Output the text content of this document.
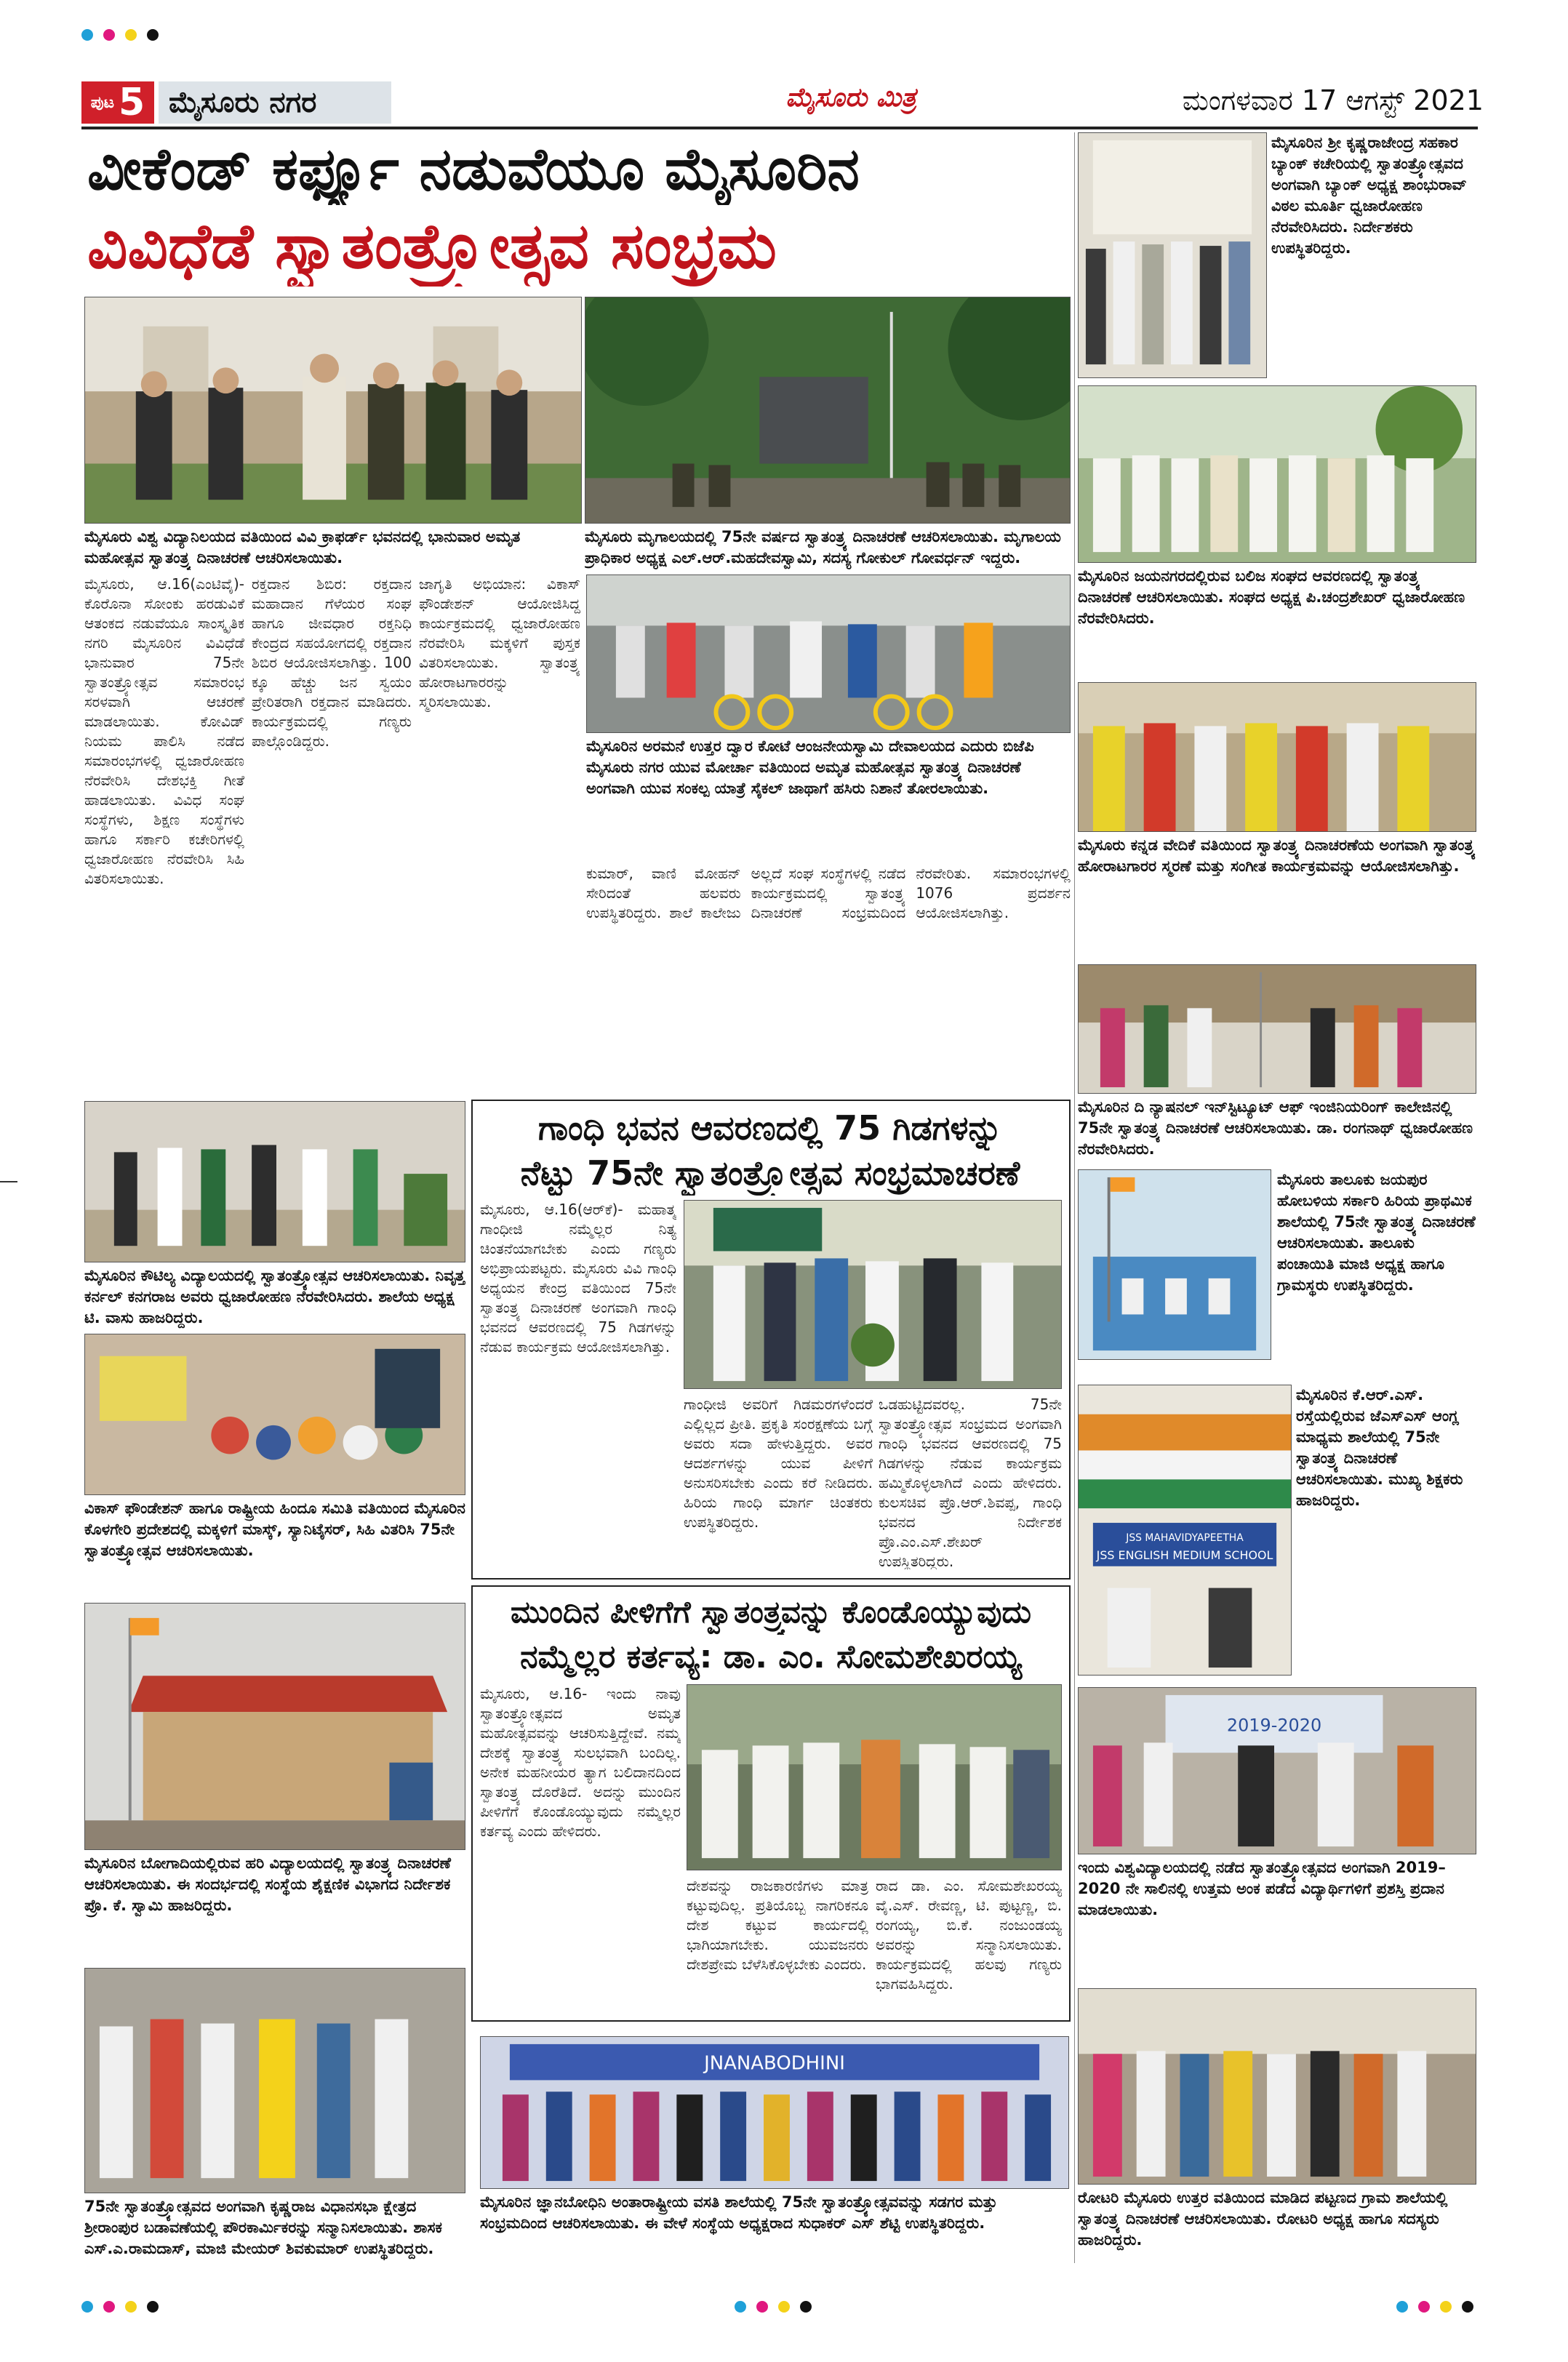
ಪುಟ 5 ಮೈಸೂರು ನಗರ	ಮೈಸೂರು ಮಿತ್ರ	ಮಂಗಳವಾರ 17 ಆಗಸ್ಟ್ 2021
ವೀಕೆಂಡ್ ಕರ್ಫ್ಯೂ ನಡುವೆಯೂ ಮೈಸೂರಿನ
ವಿವಿಧೆಡೆ ಸ್ವಾತಂತ್ರ್ಯೋತ್ಸವ ಸಂಭ್ರಮ
ಮೈಸೂರು ವಿಶ್ವ ವಿದ್ಯಾನಿಲಯದ ವತಿಯಿಂದ ವಿವಿ ಕ್ರಾಫರ್ಡ್ ಭವನದಲ್ಲಿ ಭಾನುವಾರ ಅಮೃತ ಮಹೋತ್ಸವ ಸ್ವಾತಂತ್ರ್ಯ ದಿನಾಚರಣೆ ಆಚರಿಸಲಾಯಿತು.
ಮೈಸೂರು ಮೃಗಾಲಯದಲ್ಲಿ 75ನೇ ವರ್ಷದ ಸ್ವಾತಂತ್ರ್ಯ ದಿನಾಚರಣೆ ಆಚರಿಸಲಾಯಿತು. ಮೃಗಾಲಯ ಪ್ರಾಧಿಕಾರ ಅಧ್ಯಕ್ಷ ಎಲ್.ಆರ್.ಮಹದೇವಸ್ವಾಮಿ, ಸದಸ್ಯ ಗೋಕುಲ್ ಗೋವರ್ಧನ್ ಇದ್ದರು.
ಮೈಸೂರು, ಆ.16(ಎಂಟಿವೈ)- ಕೊರೊನಾ ಸೋಂಕು ಹರಡುವಿಕೆ ಆತಂಕದ ನಡುವೆಯೂ ಸಾಂಸ್ಕೃತಿಕ ನಗರಿ ಮೈಸೂರಿನ ವಿವಿಧೆಡೆ ಭಾನುವಾರ 75ನೇ ಸ್ವಾತಂತ್ರ್ಯೋತ್ಸವ ಸಮಾರಂಭ ಸರಳವಾಗಿ ಆಚರಣೆ ಮಾಡಲಾಯಿತು. ಕೋವಿಡ್ ನಿಯಮ ಪಾಲಿಸಿ ನಡೆದ ಸಮಾರಂಭಗಳಲ್ಲಿ ಧ್ವಜಾರೋಹಣ ನೆರವೇರಿಸಿ ದೇಶಭಕ್ತಿ ಗೀತೆ ಹಾಡಲಾಯಿತು. ವಿವಿಧ ಸಂಘ ಸಂಸ್ಥೆಗಳು, ಶಿಕ್ಷಣ ಸಂಸ್ಥೆಗಳು ಹಾಗೂ ಸರ್ಕಾರಿ ಕಚೇರಿಗಳಲ್ಲಿ ಧ್ವಜಾರೋಹಣ ನೆರವೇರಿಸಿ ಸಿಹಿ ವಿತರಿಸಲಾಯಿತು.
ರಕ್ತದಾನ ಶಿಬಿರ: ರಕ್ತದಾನ ಮಹಾದಾನ ಗೆಳೆಯರ ಸಂಘ ಹಾಗೂ ಜೀವಧಾರ ರಕ್ತನಿಧಿ ಕೇಂದ್ರದ ಸಹಯೋಗದಲ್ಲಿ ರಕ್ತದಾನ ಶಿಬಿರ ಆಯೋಜಿಸಲಾಗಿತ್ತು. 100 ಕ್ಕೂ ಹೆಚ್ಚು ಜನ ಸ್ವಯಂ ಪ್ರೇರಿತರಾಗಿ ರಕ್ತದಾನ ಮಾಡಿದರು. ಕಾರ್ಯಕ್ರಮದಲ್ಲಿ ಗಣ್ಯರು ಪಾಲ್ಗೊಂಡಿದ್ದರು.
ಜಾಗೃತಿ ಅಭಿಯಾನ: ವಿಕಾಸ್ ಫೌಂಡೇಶನ್ ಆಯೋಜಿಸಿದ್ದ ಕಾರ್ಯಕ್ರಮದಲ್ಲಿ ಧ್ವಜಾರೋಹಣ ನೆರವೇರಿಸಿ ಮಕ್ಕಳಿಗೆ ಪುಸ್ತಕ ವಿತರಿಸಲಾಯಿತು. ಸ್ವಾತಂತ್ರ್ಯ ಹೋರಾಟಗಾರರನ್ನು ಸ್ಮರಿಸಲಾಯಿತು.
ಮೈಸೂರಿನ ಅರಮನೆ ಉತ್ತರ ದ್ವಾರ ಕೋಟೆ ಆಂಜನೇಯಸ್ವಾಮಿ ದೇವಾಲಯದ ಎದುರು ಬಿಜೆಪಿ ಮೈಸೂರು ನಗರ ಯುವ ಮೋರ್ಚಾ ವತಿಯಿಂದ ಅಮೃತ ಮಹೋತ್ಸವ ಸ್ವಾತಂತ್ರ್ಯ ದಿನಾಚರಣೆ ಅಂಗವಾಗಿ ಯುವ ಸಂಕಲ್ಪ ಯಾತ್ರೆ ಸೈಕಲ್ ಜಾಥಾಗೆ ಹಸಿರು ನಿಶಾನೆ ತೋರಲಾಯಿತು.
ಕುಮಾರ್, ವಾಣಿ ಮೋಹನ್ ಸೇರಿದಂತೆ ಹಲವರು ಉಪಸ್ಥಿತರಿದ್ದರು. ಶಾಲೆ ಕಾಲೇಜು ಅಲ್ಲದೆ ಸಂಘ ಸಂಸ್ಥೆಗಳಲ್ಲಿ ನಡೆದ ಕಾರ್ಯಕ್ರಮದಲ್ಲಿ ಸ್ವಾತಂತ್ರ್ಯ ದಿನಾಚರಣೆ ಸಂಭ್ರಮದಿಂದ ನೆರವೇರಿತು. ಸಮಾರಂಭಗಳಲ್ಲಿ 1076 ಪ್ರದರ್ಶನ ಆಯೋಜಿಸಲಾಗಿತ್ತು.
ಮೈಸೂರಿನ ಕೌಟಿಲ್ಯ ವಿದ್ಯಾಲಯದಲ್ಲಿ ಸ್ವಾತಂತ್ರ್ಯೋತ್ಸವ ಆಚರಿಸಲಾಯಿತು. ನಿವೃತ್ತ ಕರ್ನಲ್ ಕನಗರಾಜ ಅವರು ಧ್ವಜಾರೋಹಣ ನೆರವೇರಿಸಿದರು. ಶಾಲೆಯ ಅಧ್ಯಕ್ಷ ಟಿ. ವಾಸು ಹಾಜರಿದ್ದರು.
ವಿಕಾಸ್ ಫೌಂಡೇಶನ್ ಹಾಗೂ ರಾಷ್ಟ್ರೀಯ ಹಿಂದೂ ಸಮಿತಿ ವತಿಯಿಂದ ಮೈಸೂರಿನ ಕೊಳಗೇರಿ ಪ್ರದೇಶದಲ್ಲಿ ಮಕ್ಕಳಿಗೆ ಮಾಸ್ಕ್, ಸ್ಯಾನಿಟೈಸರ್, ಸಿಹಿ ವಿತರಿಸಿ 75ನೇ ಸ್ವಾತಂತ್ರ್ಯೋತ್ಸವ ಆಚರಿಸಲಾಯಿತು.
ಮೈಸೂರಿನ ಬೋಗಾದಿಯಲ್ಲಿರುವ ಹರಿ ವಿದ್ಯಾಲಯದಲ್ಲಿ ಸ್ವಾತಂತ್ರ್ಯ ದಿನಾಚರಣೆ ಆಚರಿಸಲಾಯಿತು. ಈ ಸಂದರ್ಭದಲ್ಲಿ ಸಂಸ್ಥೆಯ ಶೈಕ್ಷಣಿಕ ವಿಭಾಗದ ನಿರ್ದೇಶಕ ಪ್ರೊ. ಕೆ. ಸ್ವಾಮಿ ಹಾಜರಿದ್ದರು.
75ನೇ ಸ್ವಾತಂತ್ರ್ಯೋತ್ಸವದ ಅಂಗವಾಗಿ ಕೃಷ್ಣರಾಜ ವಿಧಾನಸಭಾ ಕ್ಷೇತ್ರದ ಶ್ರೀರಾಂಪುರ ಬಡಾವಣೆಯಲ್ಲಿ ಪೌರಕಾರ್ಮಿಕರನ್ನು ಸನ್ಮಾನಿಸಲಾಯಿತು. ಶಾಸಕ ಎಸ್.ಎ.ರಾಮದಾಸ್, ಮಾಜಿ ಮೇಯರ್ ಶಿವಕುಮಾರ್ ಉಪಸ್ಥಿತರಿದ್ದರು.
ಗಾಂಧಿ ಭವನ ಆವರಣದಲ್ಲಿ 75 ಗಿಡಗಳನ್ನು
ನೆಟ್ಟು 75ನೇ ಸ್ವಾತಂತ್ರ್ಯೋತ್ಸವ ಸಂಭ್ರಮಾಚರಣೆ
ಮೈಸೂರು, ಆ.16(ಆರ್‌ಕೆ)- ಮಹಾತ್ಮ ಗಾಂಧೀಜಿ ನಮ್ಮೆಲ್ಲರ ನಿತ್ಯ ಚಿಂತನೆಯಾಗಬೇಕು ಎಂದು ಗಣ್ಯರು ಅಭಿಪ್ರಾಯಪಟ್ಟರು. ಮೈಸೂರು ವಿವಿ ಗಾಂಧಿ ಅಧ್ಯಯನ ಕೇಂದ್ರ ವತಿಯಿಂದ 75ನೇ ಸ್ವಾತಂತ್ರ್ಯ ದಿನಾಚರಣೆ ಅಂಗವಾಗಿ ಗಾಂಧಿ ಭವನದ ಆವರಣದಲ್ಲಿ 75 ಗಿಡಗಳನ್ನು ನೆಡುವ ಕಾರ್ಯಕ್ರಮ ಆಯೋಜಿಸಲಾಗಿತ್ತು.
ಒಡಹುಟ್ಟಿದವರಲ್ಲ. 75ನೇ ಸ್ವಾತಂತ್ರ್ಯೋತ್ಸವ ಸಂಭ್ರಮದ ಅಂಗವಾಗಿ ಗಾಂಧಿ ಭವನದ ಆವರಣದಲ್ಲಿ 75 ಗಿಡಗಳನ್ನು ನೆಡುವ ಕಾರ್ಯಕ್ರಮ ಹಮ್ಮಿಕೊಳ್ಳಲಾಗಿದೆ ಎಂದು ಹೇಳಿದರು. ಕುಲಸಚಿವ ಪ್ರೊ.ಆರ್.ಶಿವಪ್ಪ, ಗಾಂಧಿ ಭವನದ ನಿರ್ದೇಶಕ ಪ್ರೊ.ಎಂ.ಎಸ್.ಶೇಖರ್ ಉಪಸ್ಥಿತರಿದ್ದರು.
ಗಾಂಧೀಜಿ ಅವರಿಗೆ ಗಿಡಮರಗಳೆಂದರೆ ಎಲ್ಲಿಲ್ಲದ ಪ್ರೀತಿ. ಪ್ರಕೃತಿ ಸಂರಕ್ಷಣೆಯ ಬಗ್ಗೆ ಅವರು ಸದಾ ಹೇಳುತ್ತಿದ್ದರು. ಅವರ ಆದರ್ಶಗಳನ್ನು ಯುವ ಪೀಳಿಗೆ ಅನುಸರಿಸಬೇಕು ಎಂದು ಕರೆ ನೀಡಿದರು. ಹಿರಿಯ ಗಾಂಧಿ ಮಾರ್ಗ ಚಿಂತಕರು ಉಪಸ್ಥಿತರಿದ್ದರು.
ಮುಂದಿನ ಪೀಳಿಗೆಗೆ ಸ್ವಾತಂತ್ರ್ಯವನ್ನು ಕೊಂಡೊಯ್ಯುವುದು
ನಮ್ಮೆಲ್ಲರ ಕರ್ತವ್ಯ: ಡಾ. ಎಂ. ಸೋಮಶೇಖರಯ್ಯ
ಮೈಸೂರು, ಆ.16- ಇಂದು ನಾವು ಸ್ವಾತಂತ್ರ್ಯೋತ್ಸವದ ಅಮೃತ ಮಹೋತ್ಸವವನ್ನು ಆಚರಿಸುತ್ತಿದ್ದೇವೆ. ನಮ್ಮ ದೇಶಕ್ಕೆ ಸ್ವಾತಂತ್ರ್ಯ ಸುಲಭವಾಗಿ ಬಂದಿಲ್ಲ. ಅನೇಕ ಮಹನೀಯರ ತ್ಯಾಗ ಬಲಿದಾನದಿಂದ ಸ್ವಾತಂತ್ರ್ಯ ದೊರೆತಿದೆ. ಅದನ್ನು ಮುಂದಿನ ಪೀಳಿಗೆಗೆ ಕೊಂಡೊಯ್ಯುವುದು ನಮ್ಮೆಲ್ಲರ ಕರ್ತವ್ಯ ಎಂದು ಹೇಳಿದರು.
ದೇಶವನ್ನು ರಾಜಕಾರಣಿಗಳು ಮಾತ್ರ ಕಟ್ಟುವುದಿಲ್ಲ. ಪ್ರತಿಯೊಬ್ಬ ನಾಗರಿಕನೂ ದೇಶ ಕಟ್ಟುವ ಕಾರ್ಯದಲ್ಲಿ ಭಾಗಿಯಾಗಬೇಕು. ಯುವಜನರು ದೇಶಪ್ರೇಮ ಬೆಳೆಸಿಕೊಳ್ಳಬೇಕು ಎಂದರು.
ರಾದ ಡಾ. ಎಂ. ಸೋಮಶೇಖರಯ್ಯ ವೈ.ಎಸ್. ರೇವಣ್ಣ, ಟಿ. ಪುಟ್ಟಣ್ಣ, ಬಿ. ರಂಗಯ್ಯ, ಬಿ.ಕೆ. ನಂಜುಂಡಯ್ಯ ಅವರನ್ನು ಸನ್ಮಾನಿಸಲಾಯಿತು. ಕಾರ್ಯಕ್ರಮದಲ್ಲಿ ಹಲವು ಗಣ್ಯರು ಭಾಗವಹಿಸಿದ್ದರು.
JNANABODHINI
ಮೈಸೂರಿನ ಜ್ಞಾನಬೋಧಿನಿ ಅಂತಾರಾಷ್ಟ್ರೀಯ ವಸತಿ ಶಾಲೆಯಲ್ಲಿ 75ನೇ ಸ್ವಾತಂತ್ರ್ಯೋತ್ಸವವನ್ನು ಸಡಗರ ಮತ್ತು ಸಂಭ್ರಮದಿಂದ ಆಚರಿಸಲಾಯಿತು. ಈ ವೇಳೆ ಸಂಸ್ಥೆಯ ಅಧ್ಯಕ್ಷರಾದ ಸುಧಾಕರ್ ಎಸ್ ಶೆಟ್ಟಿ ಉಪಸ್ಥಿತರಿದ್ದರು.
ಮೈಸೂರಿನ ಶ್ರೀ ಕೃಷ್ಣರಾಜೇಂದ್ರ ಸಹಕಾರ ಬ್ಯಾಂಕ್ ಕಚೇರಿಯಲ್ಲಿ ಸ್ವಾತಂತ್ರ್ಯೋತ್ಸವದ ಅಂಗವಾಗಿ ಬ್ಯಾಂಕ್ ಅಧ್ಯಕ್ಷ ಶಾಂಭುರಾವ್ ವಿಠಲ ಮೂರ್ತಿ ಧ್ವಜಾರೋಹಣ ನೆರವೇರಿಸಿದರು. ನಿರ್ದೇಶಕರು ಉಪಸ್ಥಿತರಿದ್ದರು.
ಮೈಸೂರಿನ ಜಯನಗರದಲ್ಲಿರುವ ಬಲಿಜ ಸಂಘದ ಆವರಣದಲ್ಲಿ ಸ್ವಾತಂತ್ರ್ಯ ದಿನಾಚರಣೆ ಆಚರಿಸಲಾಯಿತು. ಸಂಘದ ಅಧ್ಯಕ್ಷ ಪಿ.ಚಂದ್ರಶೇಖರ್ ಧ್ವಜಾರೋಹಣ ನೆರವೇರಿಸಿದರು.
ಮೈಸೂರು ಕನ್ನಡ ವೇದಿಕೆ ವತಿಯಿಂದ ಸ್ವಾತಂತ್ರ್ಯ ದಿನಾಚರಣೆಯ ಅಂಗವಾಗಿ ಸ್ವಾತಂತ್ರ್ಯ ಹೋರಾಟಗಾರರ ಸ್ಮರಣೆ ಮತ್ತು ಸಂಗೀತ ಕಾರ್ಯಕ್ರಮವನ್ನು ಆಯೋಜಿಸಲಾಗಿತ್ತು.
ಮೈಸೂರಿನ ದಿ ನ್ಯಾಷನಲ್ ಇನ್‌ಸ್ಟಿಟ್ಯೂಟ್ ಆಫ್ ಇಂಜಿನಿಯರಿಂಗ್ ಕಾಲೇಜಿನಲ್ಲಿ 75ನೇ ಸ್ವಾತಂತ್ರ್ಯ ದಿನಾಚರಣೆ ಆಚರಿಸಲಾಯಿತು. ಡಾ. ರಂಗನಾಥ್ ಧ್ವಜಾರೋಹಣ ನೆರವೇರಿಸಿದರು.
ಮೈಸೂರು ತಾಲೂಕು ಜಯಪುರ ಹೋಬಳಿಯ ಸರ್ಕಾರಿ ಹಿರಿಯ ಪ್ರಾಥಮಿಕ ಶಾಲೆಯಲ್ಲಿ 75ನೇ ಸ್ವಾತಂತ್ರ್ಯ ದಿನಾಚರಣೆ ಆಚರಿಸಲಾಯಿತು. ತಾಲೂಕು ಪಂಚಾಯಿತಿ ಮಾಜಿ ಅಧ್ಯಕ್ಷ ಹಾಗೂ ಗ್ರಾಮಸ್ಥರು ಉಪಸ್ಥಿತರಿದ್ದರು.
JSS MAHAVIDYAPEETHA
JSS ENGLISH MEDIUM SCHOOL
ಮೈಸೂರಿನ ಕೆ.ಆರ್.ಎಸ್. ರಸ್ತೆಯಲ್ಲಿರುವ ಜೆಎಸ್‌ಎಸ್ ಆಂಗ್ಲ ಮಾಧ್ಯಮ ಶಾಲೆಯಲ್ಲಿ 75ನೇ ಸ್ವಾತಂತ್ರ್ಯ ದಿನಾಚರಣೆ ಆಚರಿಸಲಾಯಿತು. ಮುಖ್ಯ ಶಿಕ್ಷಕರು ಹಾಜರಿದ್ದರು.
2019-2020
ಇಂದು ವಿಶ್ವವಿದ್ಯಾಲಯದಲ್ಲಿ ನಡೆದ ಸ್ವಾತಂತ್ರ್ಯೋತ್ಸವದ ಅಂಗವಾಗಿ 2019–2020 ನೇ ಸಾಲಿನಲ್ಲಿ ಉತ್ತಮ ಅಂಕ ಪಡೆದ ವಿದ್ಯಾರ್ಥಿಗಳಿಗೆ ಪ್ರಶಸ್ತಿ ಪ್ರದಾನ ಮಾಡಲಾಯಿತು.
ರೋಟರಿ ಮೈಸೂರು ಉತ್ತರ ವತಿಯಿಂದ ಮಾಡಿದ ಪಟ್ಟಣದ ಗ್ರಾಮ ಶಾಲೆಯಲ್ಲಿ ಸ್ವಾತಂತ್ರ್ಯ ದಿನಾಚರಣೆ ಆಚರಿಸಲಾಯಿತು. ರೋಟರಿ ಅಧ್ಯಕ್ಷ ಹಾಗೂ ಸದಸ್ಯರು ಹಾಜರಿದ್ದರು.
